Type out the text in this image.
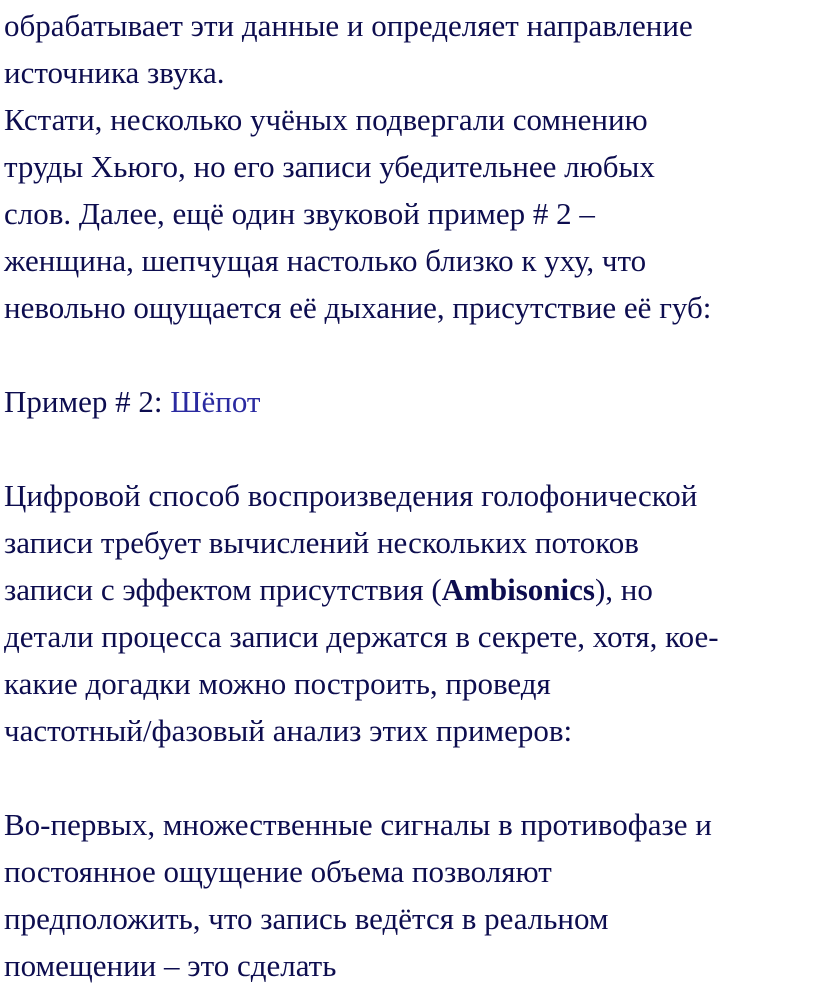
обрабатывает эти данные и определяет направление
источника звука.
Кстати, несколько учёных подвергали сомнению
труды Хьюго, но его записи убедительнее любых
слов. Далее, ещё один звуковой пример # 2 –
женщина, шепчущая настолько близко к уху, что
невольно ощущается её дыхание, присутствие её губ:
Пример # 2: Шёпот
Цифровой способ воспроизведения голофонической
записи требует вычислений нескольких потоков
записи с эффектом присутствия (Ambisonics), но
детали процесса записи держатся в секрете, хотя, кое-
какие догадки можно построить, проведя
частотный/фазовый анализ этих примеров:
Во-первых, множественные сигналы в противофазе и
постоянное ощущение объема позволяют
предположить, что запись ведётся в реальном
помещении – это сделать
